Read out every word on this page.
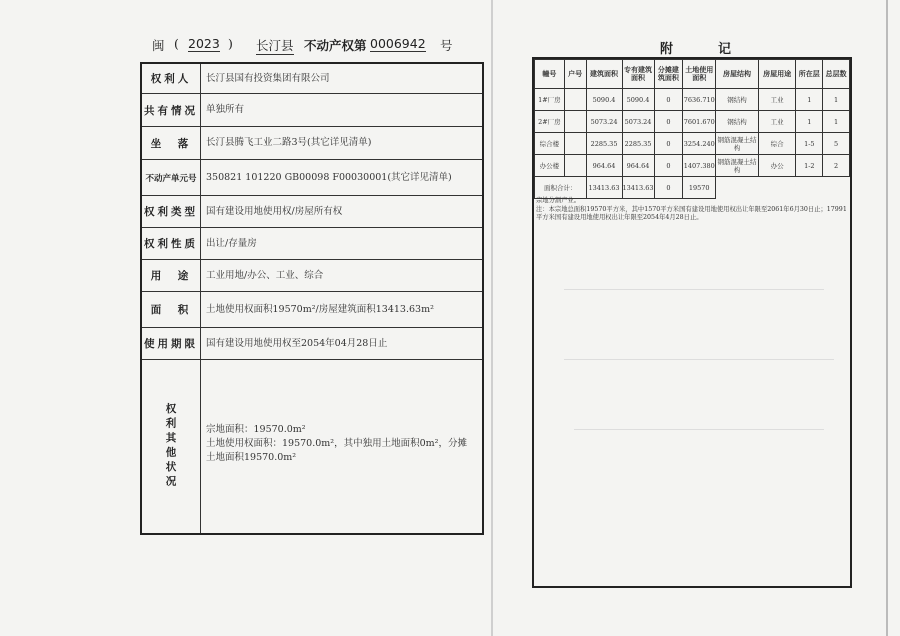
闽 ( 2023 ) 长汀县 不动产权第 0006942 号
权利人	长汀县国有投资集团有限公司
共有情况 单独所有
坐　落	长汀县腾飞工业二路3号(其它详见清单)
不动产单元号	350821 101220 GB00098 F00030001(其它详见清单)
权利类型 国有建设用地使用权/房屋所有权
权利性质 出让/存量房
用　途	工业用地/办公、工业、综合
面　积	土地使用权面积19570m²/房屋建筑面积13413.63m²
使用期限 国有建设用地使用权至2054年04月28日止
权利其他状况	宗地面积：19570.0m²
土地使用权面积：19570.0m²，其中独用土地面积0m²，分摊土地面积19570.0m²
附　记
幢号	户号	建筑面积	专有建筑面积	分摊建筑面积	土地使用面积	房屋结构	房屋用途	所在层	总层数
1#厂房		5090.4	5090.4	0	7636.710	钢结构	工业	1	1
2#厂房		5073.24	5073.24	0	7601.670	钢结构	工业	1	1
综合楼		2285.35	2285.35	0	3254.240	钢筋混凝土结构	综合	1-5	5
办公楼		964.64	964.64	0	1407.380	钢筋混凝土结构	办公	1-2	2
面积合计：		13413.63	13413.63	0	19570				
宗地分割产业。
注：本宗地总面积19570平方米，其中1570平方米国有建设用地使用权出让年限至2061年6月30日止；17991平方米国有建设用地使用权出让年限至2054年4月28日止。
